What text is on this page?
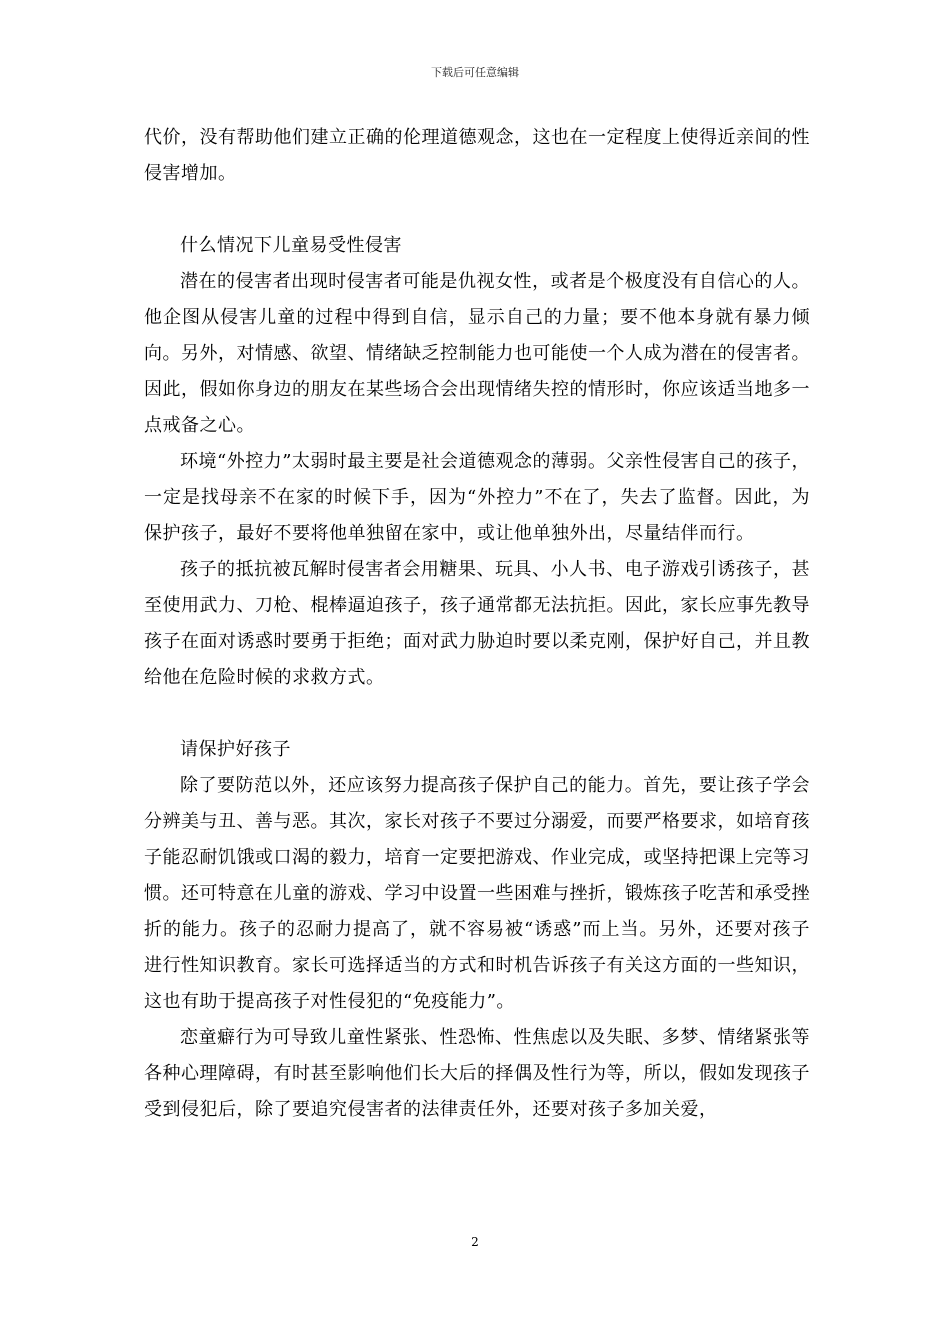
下载后可任意编辑

代价，没有帮助他们建立正确的伦理道德观念，这也在一定程度上使得近亲间的性侵害增加。

什么情况下儿童易受性侵害

潜在的侵害者出现时侵害者可能是仇视女性，或者是个极度没有自信心的人。他企图从侵害儿童的过程中得到自信，显示自己的力量；要不他本身就有暴力倾向。另外，对情感、欲望、情绪缺乏控制能力也可能使一个人成为潜在的侵害者。因此，假如你身边的朋友在某些场合会出现情绪失控的情形时，你应该适当地多一点戒备之心。

环境“外控力”太弱时最主要是社会道德观念的薄弱。父亲性侵害自己的孩子，一定是找母亲不在家的时候下手，因为“外控力”不在了，失去了监督。因此，为保护孩子，最好不要将他单独留在家中，或让他单独外出，尽量结伴而行。

孩子的抵抗被瓦解时侵害者会用糖果、玩具、小人书、电子游戏引诱孩子，甚至使用武力、刀枪、棍棒逼迫孩子，孩子通常都无法抗拒。因此，家长应事先教导孩子在面对诱惑时要勇于拒绝；面对武力胁迫时要以柔克刚，保护好自己，并且教给他在危险时候的求救方式。

请保护好孩子

除了要防范以外，还应该努力提高孩子保护自己的能力。首先，要让孩子学会分辨美与丑、善与恶。其次，家长对孩子不要过分溺爱，而要严格要求，如培育孩子能忍耐饥饿或口渴的毅力，培育一定要把游戏、作业完成，或坚持把课上完等习惯。还可特意在儿童的游戏、学习中设置一些困难与挫折，锻炼孩子吃苦和承受挫折的能力。孩子的忍耐力提高了，就不容易被“诱惑”而上当。另外，还要对孩子进行性知识教育。家长可选择适当的方式和时机告诉孩子有关这方面的一些知识，这也有助于提高孩子对性侵犯的“免疫能力”。

恋童癖行为可导致儿童性紧张、性恐怖、性焦虑以及失眠、多梦、情绪紧张等各种心理障碍，有时甚至影响他们长大后的择偶及性行为等，所以，假如发现孩子受到侵犯后，除了要追究侵害者的法律责任外，还要对孩子多加关爱，

2
